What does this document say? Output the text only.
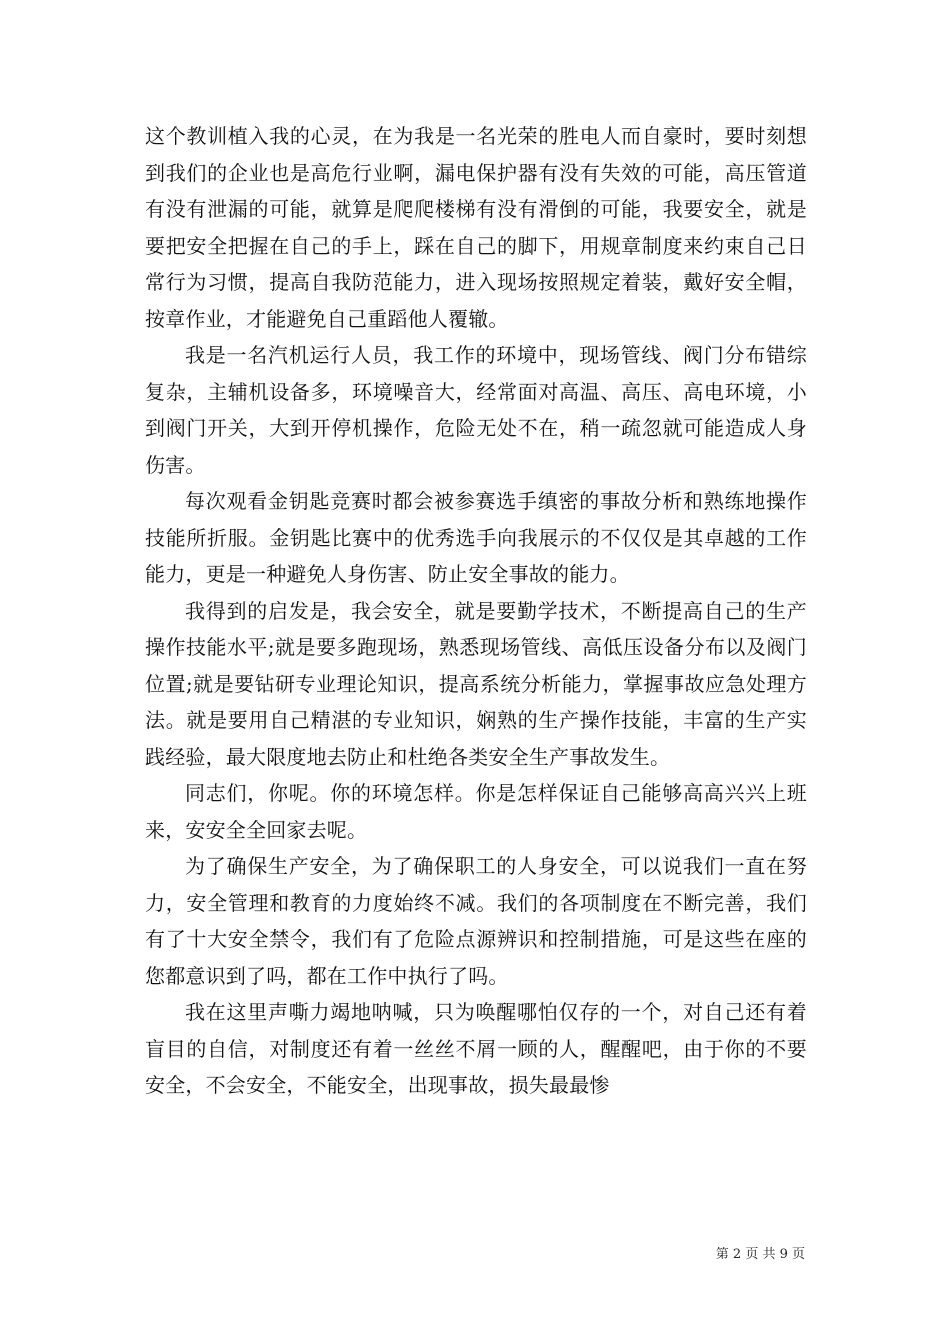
这个教训植入我的心灵，在为我是一名光荣的胜电人而自豪时，要时刻想到我们的企业也是高危行业啊，漏电保护器有没有失效的可能，高压管道有没有泄漏的可能，就算是爬爬楼梯有没有滑倒的可能，我要安全，就是要把安全把握在自己的手上，踩在自己的脚下，用规章制度来约束自己日常行为习惯，提高自我防范能力，进入现场按照规定着装，戴好安全帽，按章作业，才能避免自己重蹈他人覆辙。

我是一名汽机运行人员，我工作的环境中，现场管线、阀门分布错综复杂，主辅机设备多，环境噪音大，经常面对高温、高压、高电环境，小到阀门开关，大到开停机操作，危险无处不在，稍一疏忽就可能造成人身伤害。

每次观看金钥匙竞赛时都会被参赛选手缜密的事故分析和熟练地操作技能所折服。金钥匙比赛中的优秀选手向我展示的不仅仅是其卓越的工作能力，更是一种避免人身伤害、防止安全事故的能力。

我得到的启发是，我会安全，就是要勤学技术，不断提高自己的生产操作技能水平;就是要多跑现场，熟悉现场管线、高低压设备分布以及阀门位置;就是要钻研专业理论知识，提高系统分析能力，掌握事故应急处理方法。就是要用自己精湛的专业知识，娴熟的生产操作技能，丰富的生产实践经验，最大限度地去防止和杜绝各类安全生产事故发生。

同志们，你呢。你的环境怎样。你是怎样保证自己能够高高兴兴上班来，安安全全回家去呢。

为了确保生产安全，为了确保职工的人身安全，可以说我们一直在努力，安全管理和教育的力度始终不减。我们的各项制度在不断完善，我们有了十大安全禁令，我们有了危险点源辨识和控制措施，可是这些在座的您都意识到了吗，都在工作中执行了吗。

我在这里声嘶力竭地呐喊，只为唤醒哪怕仅存的一个，对自己还有着盲目的自信，对制度还有着一丝丝不屑一顾的人，醒醒吧，由于你的不要安全，不会安全，不能安全，出现事故，损失最最惨

第 2 页 共 9 页
